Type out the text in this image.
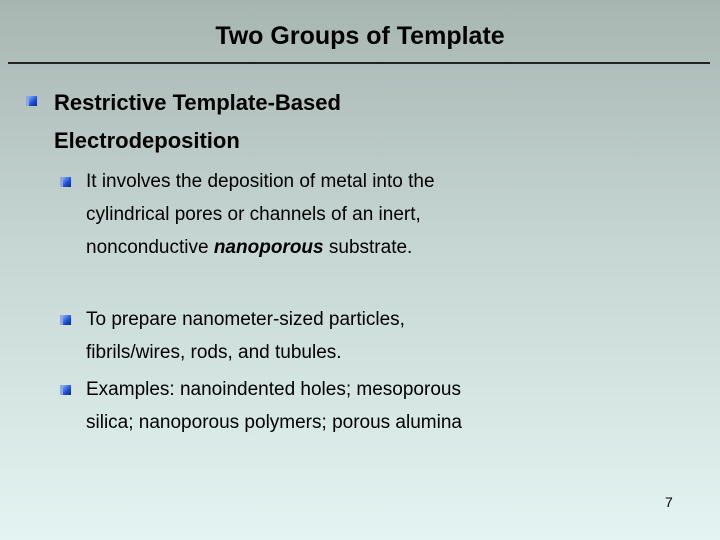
Two Groups of Template
Restrictive Template-Based Electrodeposition
It involves the deposition of metal into the cylindrical pores or channels of an inert, nonconductive nanoporous substrate.
To prepare nanometer-sized particles, fibrils/wires, rods, and tubules.
Examples: nanoindented holes; mesoporous silica; nanoporous polymers; porous alumina
7
